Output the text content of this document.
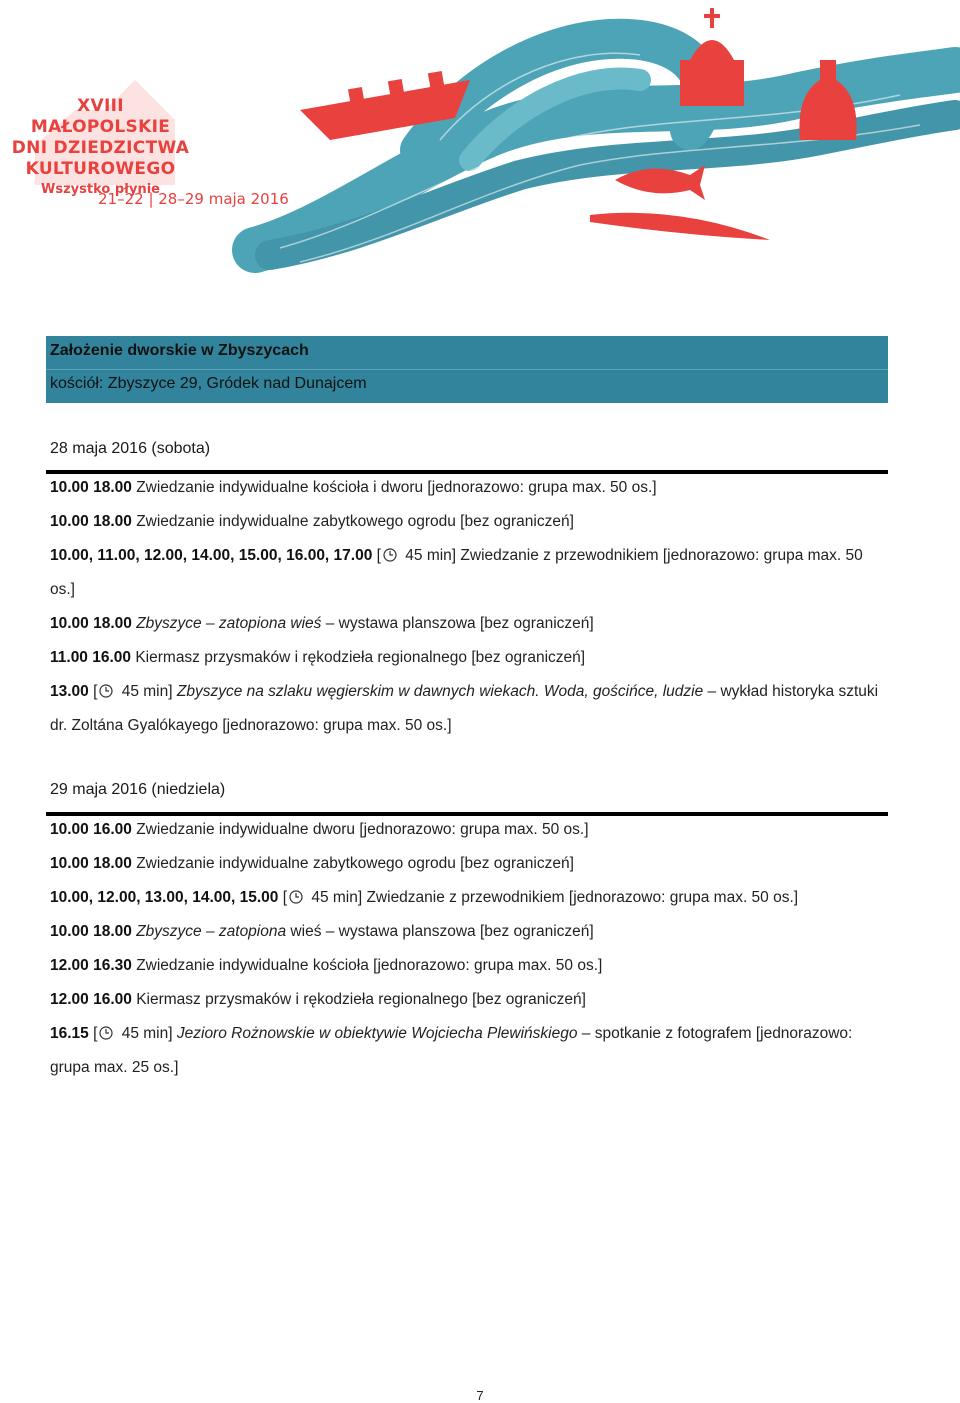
XVIII MAŁOPOLSKIE
DNI DZIEDZICTWA
KULTUROWEGO
Wszystko płynie
21–22 | 28–29 maja 2016
Założenie dworskie w Zbyszycach
kościół: Zbyszyce 29, Gródek nad Dunajcem
28 maja 2016 (sobota)
10.00 18.00 Zwiedzanie indywidualne kościoła i dworu [jednorazowo: grupa max. 50 os.]
10.00 18.00 Zwiedzanie indywidualne zabytkowego ogrodu [bez ograniczeń]
10.00, 11.00, 12.00, 14.00, 15.00, 16.00, 17.00 [ 45 min] Zwiedzanie z przewodnikiem [jednorazowo: grupa max. 50 os.]
10.00 18.00 Zbyszyce – zatopiona wieś – wystawa planszowa [bez ograniczeń]
11.00 16.00 Kiermasz przysmaków i rękodzieła regionalnego [bez ograniczeń]
13.00 [ 45 min] Zbyszyce na szlaku węgierskim w dawnych wiekach. Woda, gościńce, ludzie – wykład historyka sztuki dr. Zoltána Gyalókayego [jednorazowo: grupa max. 50 os.]
29 maja 2016 (niedziela)
10.00 16.00 Zwiedzanie indywidualne dworu [jednorazowo: grupa max. 50 os.]
10.00 18.00 Zwiedzanie indywidualne zabytkowego ogrodu [bez ograniczeń]
10.00, 12.00, 13.00, 14.00, 15.00 [ 45 min] Zwiedzanie z przewodnikiem [jednorazowo: grupa max. 50 os.]
10.00 18.00 Zbyszyce – zatopiona wieś – wystawa planszowa [bez ograniczeń]
12.00 16.30 Zwiedzanie indywidualne kościoła [jednorazowo: grupa max. 50 os.]
12.00 16.00 Kiermasz przysmaków i rękodzieła regionalnego [bez ograniczeń]
16.15 [ 45 min] Jezioro Rożnowskie w obiektywie Wojciecha Plewińskiego – spotkanie z fotografem [jednorazowo: grupa max. 25 os.]
7
